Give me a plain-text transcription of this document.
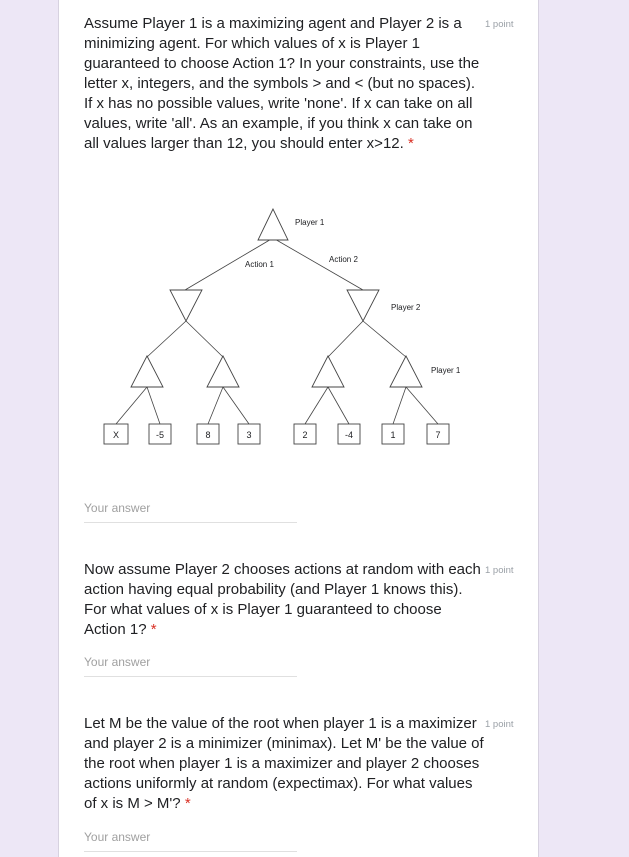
Assume Player 1 is a maximizing agent and Player 2 is a minimizing agent. For which values of x is Player 1 guaranteed to choose Action 1? In your constraints, use the letter x, integers, and the symbols > and < (but no spaces). If x has no possible values, write 'none'. If x can take on all values, write 'all'. As an example, if you think x can take on all values larger than 12, you should enter x>12. *
1 point
Player 1
Action 1
Action 2
Player 2
Player 1
X	-5	8	3	2	-4	1	7
Your answer
Now assume Player 2 chooses actions at random with each action having equal probability (and Player 1 knows this). For what values of x is Player 1 guaranteed to choose Action 1? *
1 point
Your answer
Let M be the value of the root when player 1 is a maximizer and player 2 is a minimizer (minimax). Let M' be the value of the root when player 1 is a maximizer and player 2 chooses actions uniformly at random (expectimax). For what values of x is M > M'? *
1 point
Your answer
